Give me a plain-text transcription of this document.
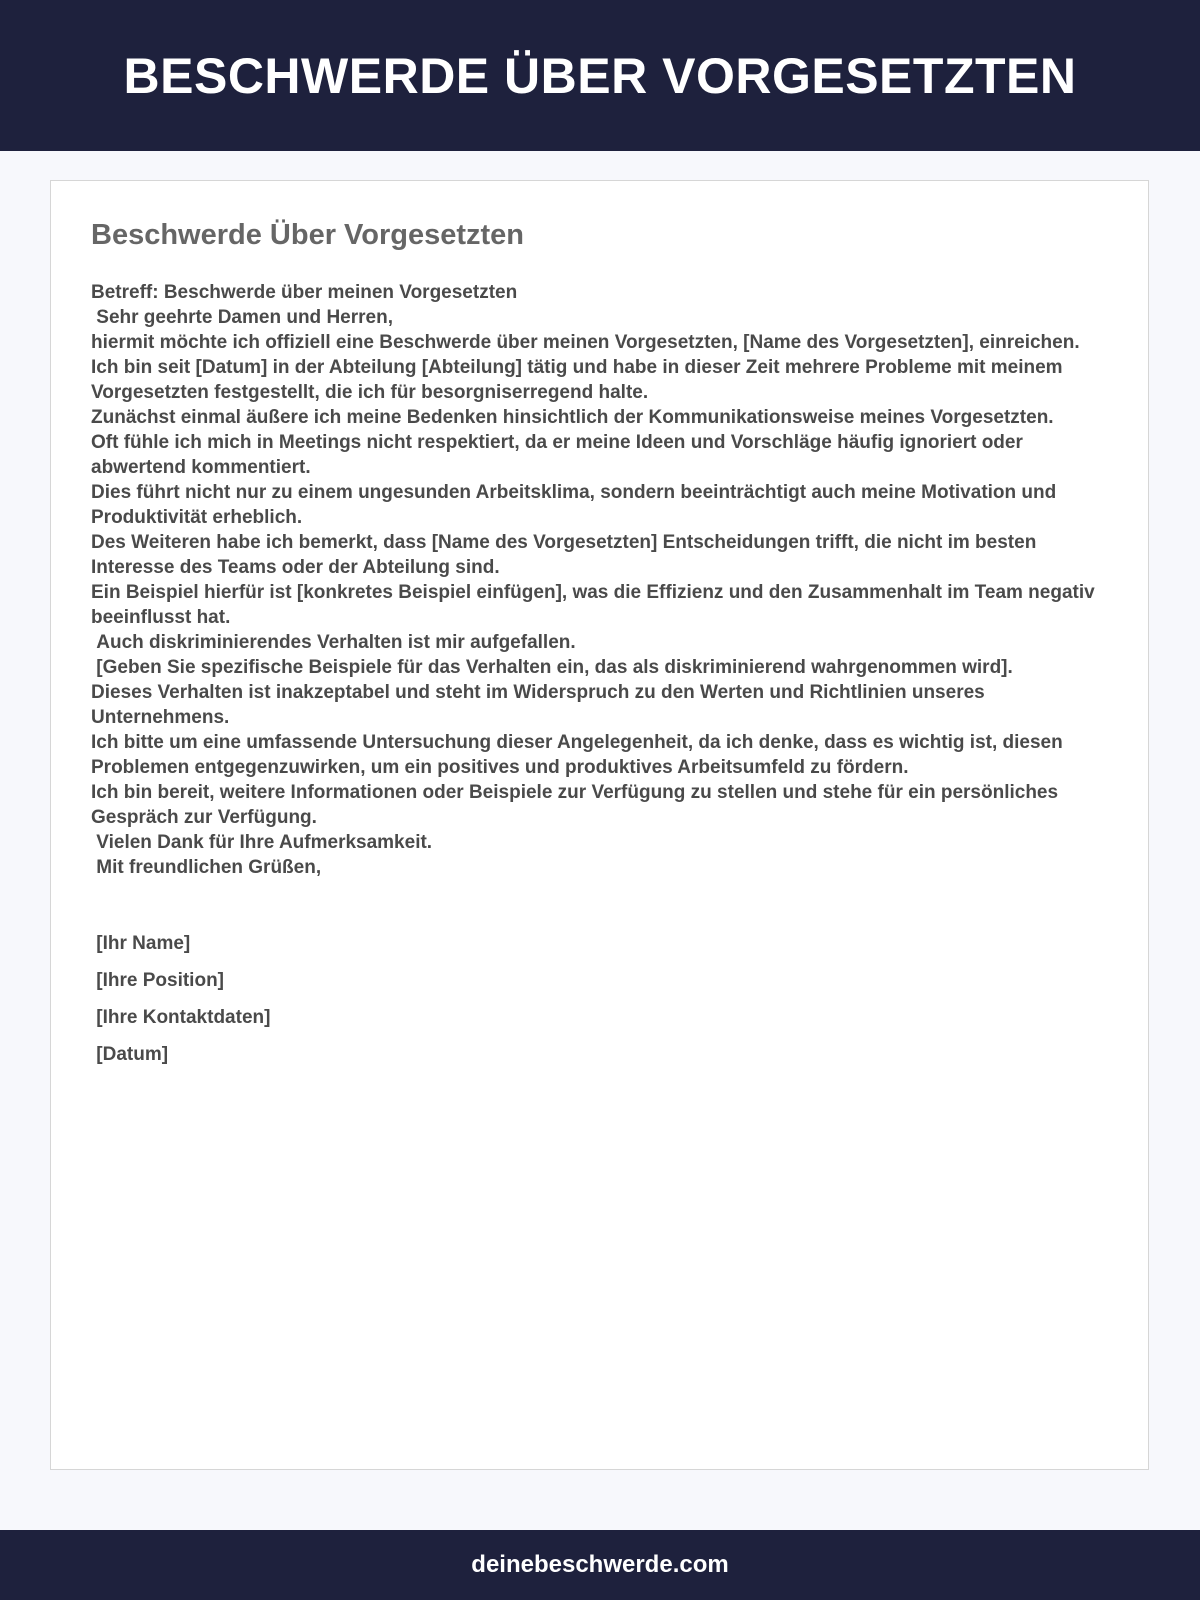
BESCHWERDE ÜBER VORGESETZTEN
Beschwerde Über Vorgesetzten
Betreff: Beschwerde über meinen Vorgesetzten
Sehr geehrte Damen und Herren,
hiermit möchte ich offiziell eine Beschwerde über meinen Vorgesetzten, [Name des Vorgesetzten], einreichen.
Ich bin seit [Datum] in der Abteilung [Abteilung] tätig und habe in dieser Zeit mehrere Probleme mit meinem Vorgesetzten festgestellt, die ich für besorgniserregend halte.
Zunächst einmal äußere ich meine Bedenken hinsichtlich der Kommunikationsweise meines Vorgesetzten.
Oft fühle ich mich in Meetings nicht respektiert, da er meine Ideen und Vorschläge häufig ignoriert oder abwertend kommentiert.
Dies führt nicht nur zu einem ungesunden Arbeitsklima, sondern beeinträchtigt auch meine Motivation und Produktivität erheblich.
Des Weiteren habe ich bemerkt, dass [Name des Vorgesetzten] Entscheidungen trifft, die nicht im besten Interesse des Teams oder der Abteilung sind.
Ein Beispiel hierfür ist [konkretes Beispiel einfügen], was die Effizienz und den Zusammenhalt im Team negativ beeinflusst hat.
Auch diskriminierendes Verhalten ist mir aufgefallen.
[Geben Sie spezifische Beispiele für das Verhalten ein, das als diskriminierend wahrgenommen wird].
Dieses Verhalten ist inakzeptabel und steht im Widerspruch zu den Werten und Richtlinien unseres Unternehmens.
Ich bitte um eine umfassende Untersuchung dieser Angelegenheit, da ich denke, dass es wichtig ist, diesen Problemen entgegenzuwirken, um ein positives und produktives Arbeitsumfeld zu fördern.
Ich bin bereit, weitere Informationen oder Beispiele zur Verfügung zu stellen und stehe für ein persönliches Gespräch zur Verfügung.
Vielen Dank für Ihre Aufmerksamkeit.
Mit freundlichen Grüßen,
[Ihr Name]
[Ihre Position]
[Ihre Kontaktdaten]
[Datum]
deinebeschwerde.com
